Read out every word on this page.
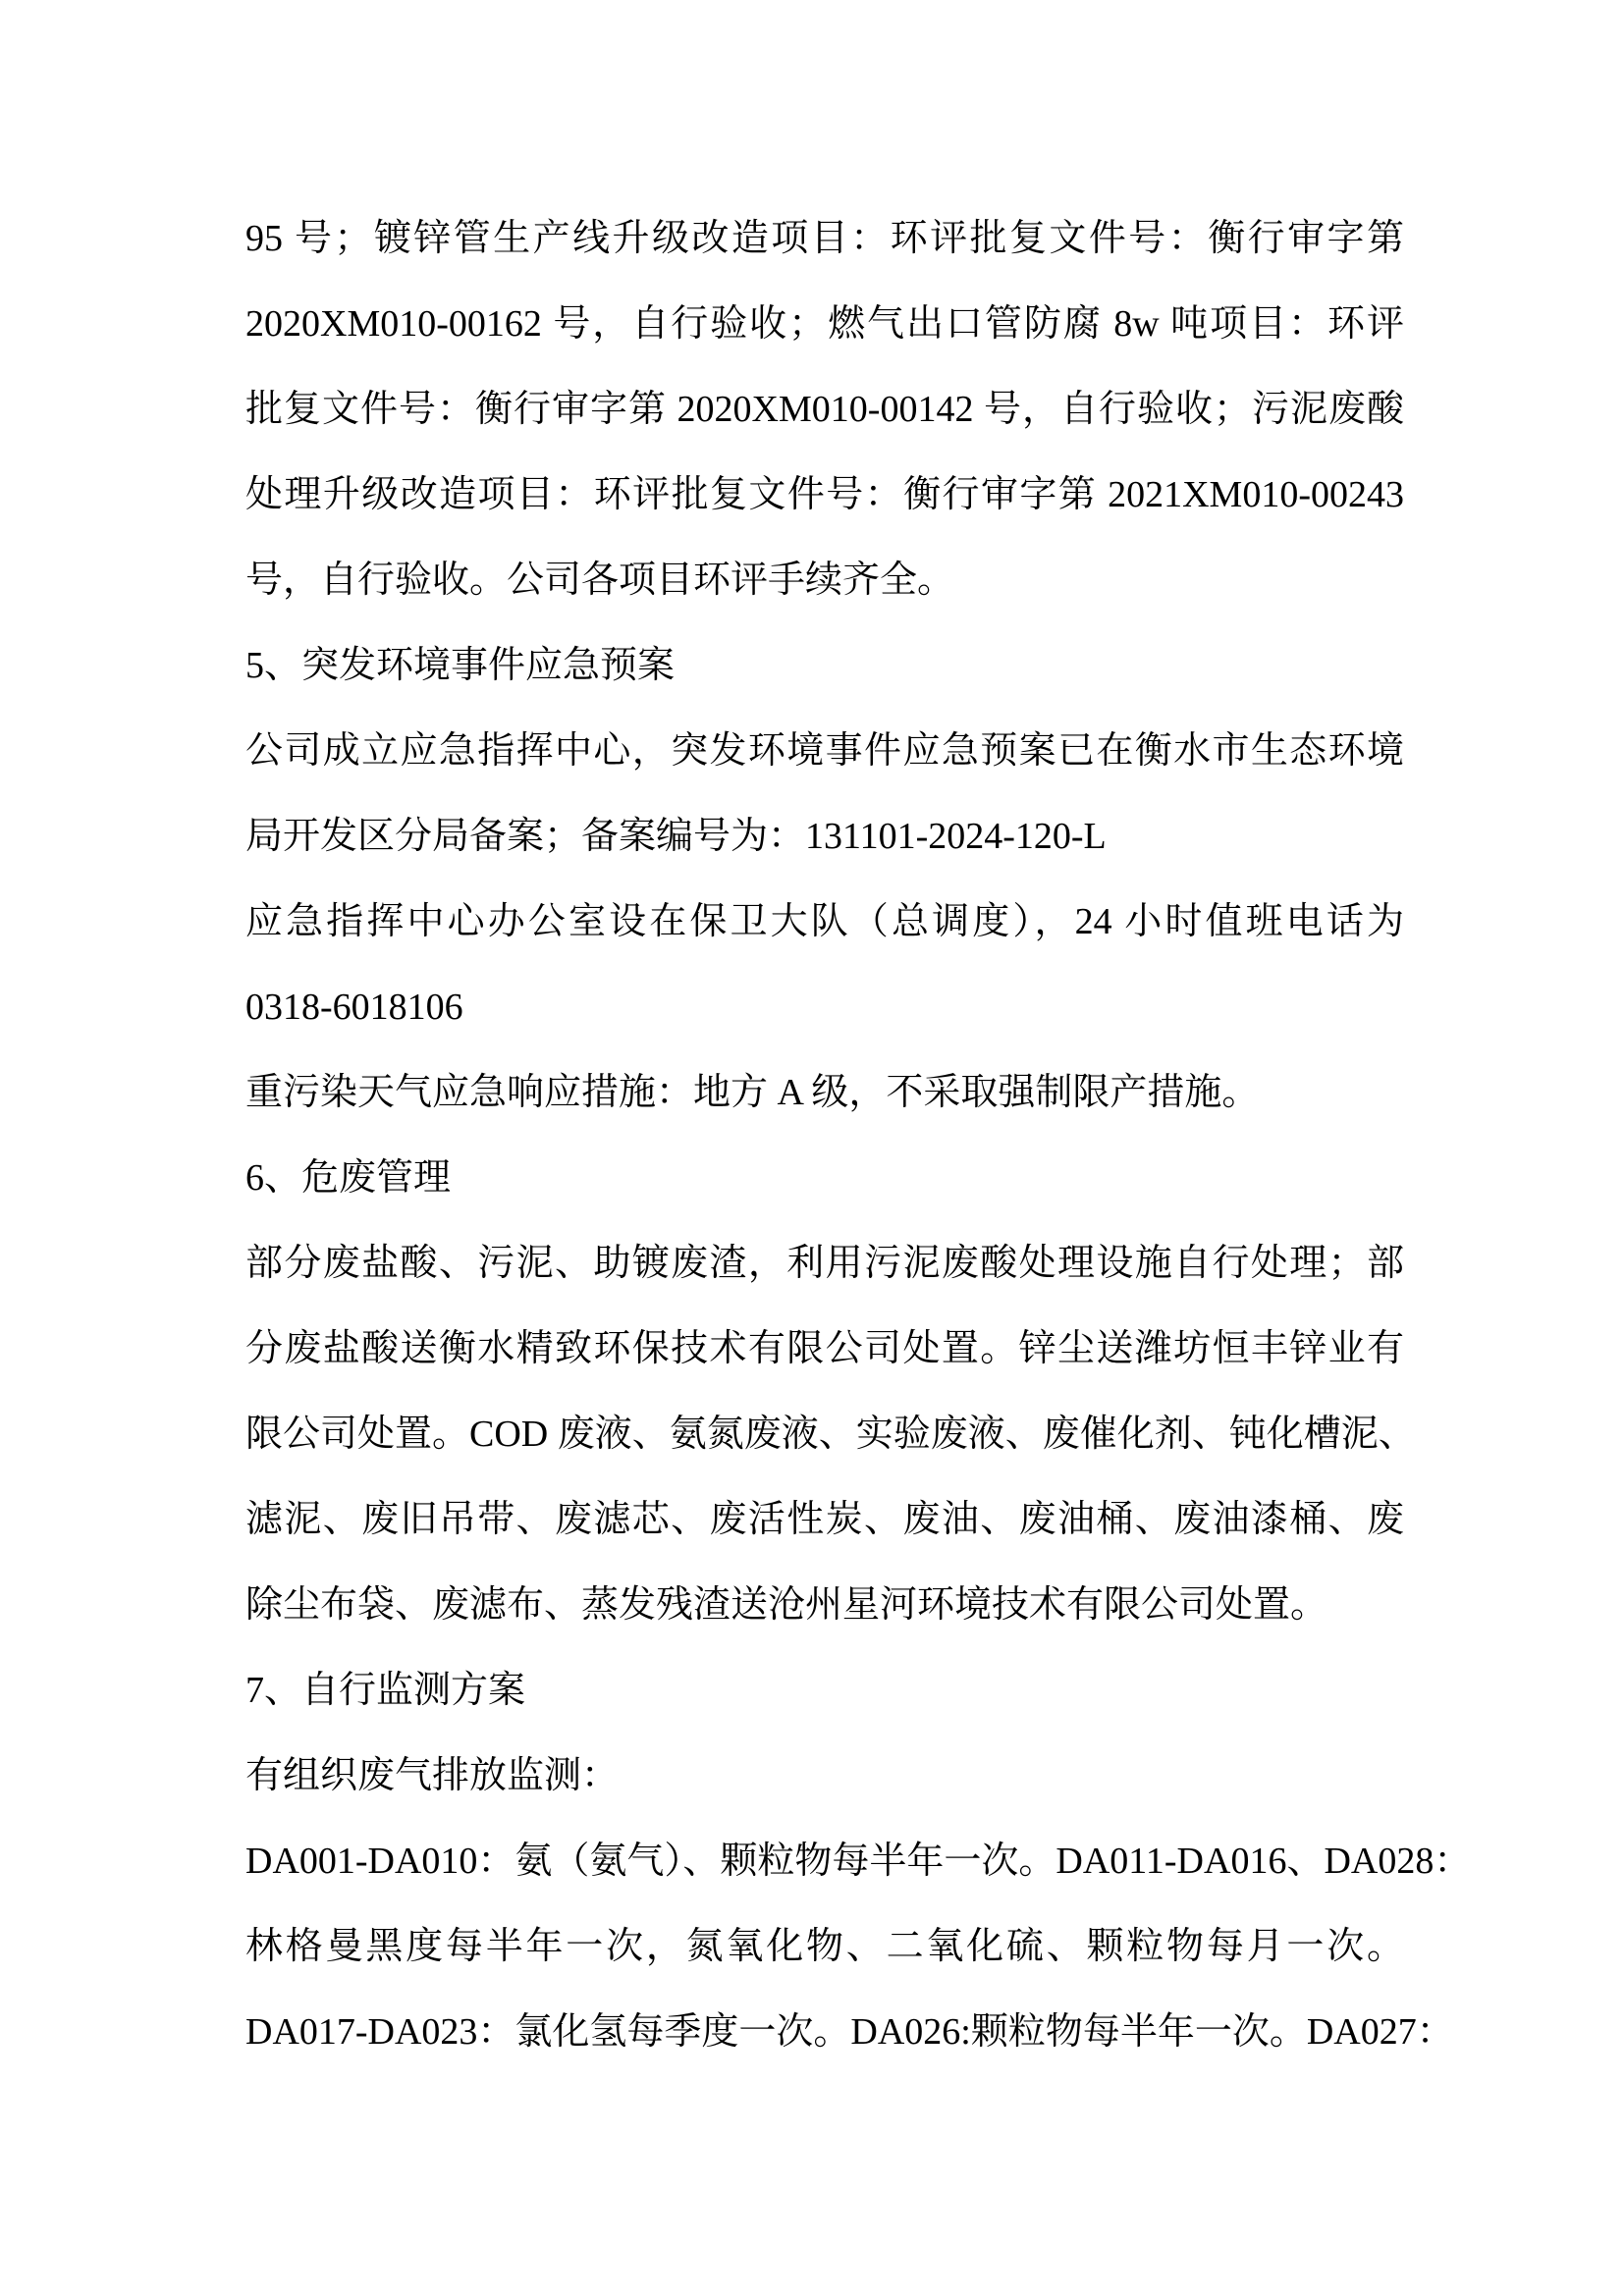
95 号；镀锌管生产线升级改造项目：环评批复文件号：衡行审字第
2020XM010-00162 号，自行验收；燃气出口管防腐 8w 吨项目：环评
批复文件号：衡行审字第 2020XM010-00142 号，自行验收；污泥废酸
处理升级改造项目：环评批复文件号：衡行审字第 2021XM010-00243
号，自行验收。公司各项目环评手续齐全。
5、突发环境事件应急预案
公司成立应急指挥中心，突发环境事件应急预案已在衡水市生态环境
局开发区分局备案；备案编号为：131101-2024-120-L
应急指挥中心办公室设在保卫大队（总调度），24 小时值班电话为
0318-6018106
重污染天气应急响应措施：地方 A 级，不采取强制限产措施。
6、危废管理
部分废盐酸、污泥、助镀废渣，利用污泥废酸处理设施自行处理；部
分废盐酸送衡水精致环保技术有限公司处置。锌尘送潍坊恒丰锌业有
限公司处置。COD 废液、氨氮废液、实验废液、废催化剂、钝化槽泥、
滤泥、废旧吊带、废滤芯、废活性炭、废油、废油桶、废油漆桶、废
除尘布袋、废滤布、蒸发残渣送沧州星河环境技术有限公司处置。
7、自行监测方案
有组织废气排放监测：
DA001-DA010：氨（氨气）、颗粒物每半年一次。DA011-DA016、DA028：
林格曼黑度每半年一次，氮氧化物、二氧化硫、颗粒物每月一次。
DA017-DA023：氯化氢每季度一次。DA026:颗粒物每半年一次。DA027：
